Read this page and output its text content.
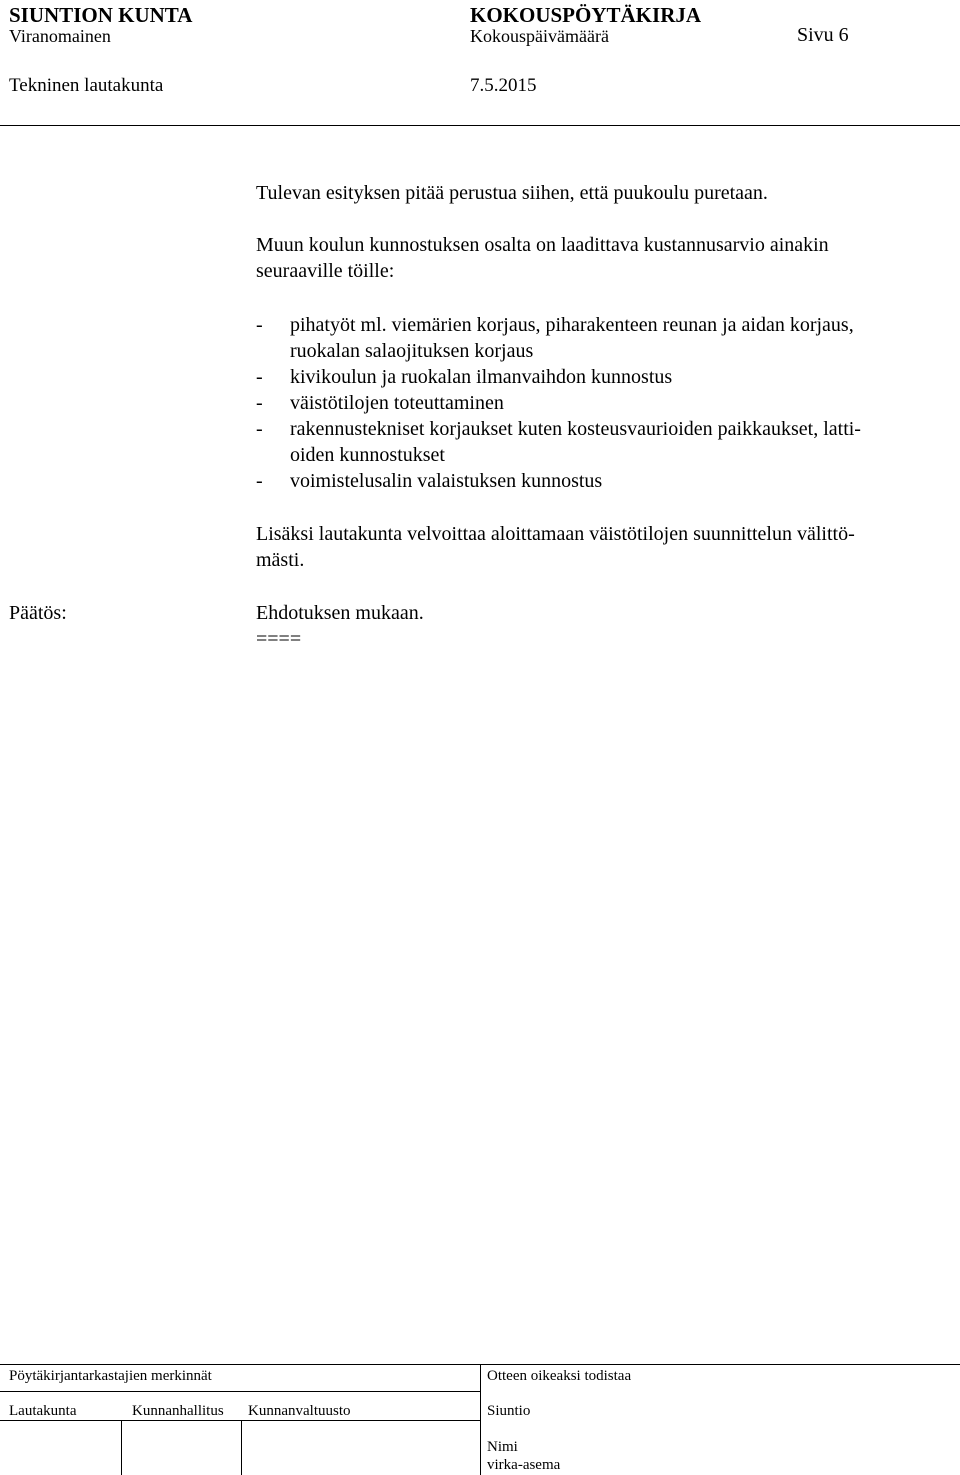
SIUNTION KUNTA	KOKOUSPÖYTÄKIRJA
Viranomainen	Kokouspäivämäärä	Sivu 6
Tekninen lautakunta	7.5.2015
Tulevan esityksen pitää perustua siihen, että puukoulu puretaan.
Muun koulun kunnostuksen osalta on laadittava kustannusarvio ainakin
seuraaville töille:
- pihatyöt ml. viemärien korjaus, piharakenteen reunan ja aidan korjaus,
ruokalan salaojituksen korjaus
- kivikoulun ja ruokalan ilmanvaihdon kunnostus
- väistötilojen toteuttaminen
- rakennustekniset korjaukset kuten kosteusvaurioiden paikkaukset, latti-
oiden kunnostukset
- voimistelusalin valaistuksen kunnostus
Lisäksi lautakunta velvoittaa aloittamaan väistötilojen suunnittelun välittö-
mästi.
Päätös:	Ehdotuksen mukaan.
====
Pöytäkirjantarkastajien merkinnät	Otteen oikeaksi todistaa
Lautakunta	Kunnanhallitus Kunnanvaltuusto	Siuntio
Nimi
virka-asema
